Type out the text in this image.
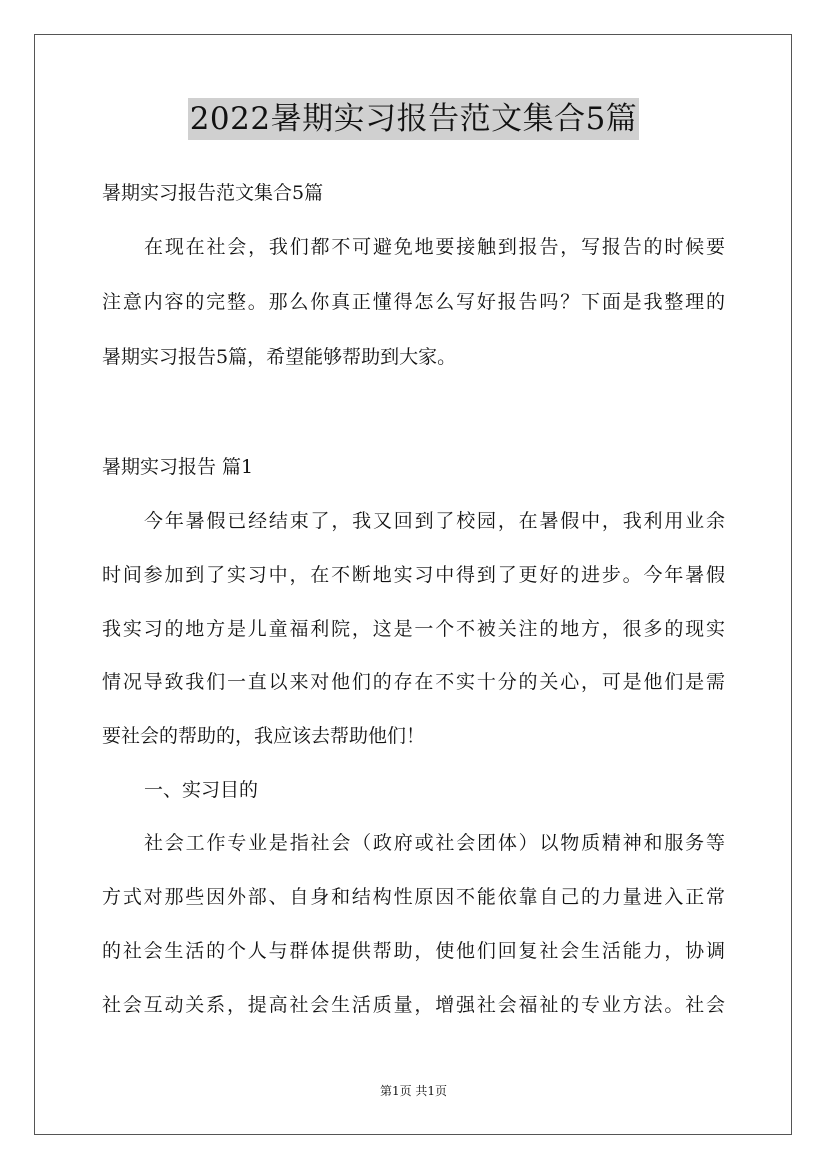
2022暑期实习报告范文集合5篇
暑期实习报告范文集合5篇
在现在社会，我们都不可避免地要接触到报告，写报告的时候要
注意内容的完整。那么你真正懂得怎么写好报告吗？下面是我整理的
暑期实习报告5篇，希望能够帮助到大家。
暑期实习报告 篇1
今年暑假已经结束了，我又回到了校园，在暑假中，我利用业余
时间参加到了实习中，在不断地实习中得到了更好的进步。今年暑假
我实习的地方是儿童福利院，这是一个不被关注的地方，很多的现实
情况导致我们一直以来对他们的存在不实十分的关心，可是他们是需
要社会的帮助的，我应该去帮助他们！
一、实习目的
社会工作专业是指社会（政府或社会团体）以物质精神和服务等
方式对那些因外部、自身和结构性原因不能依靠自己的力量进入正常
的社会生活的个人与群体提供帮助，使他们回复社会生活能力，协调
社会互动关系，提高社会生活质量，增强社会福祉的专业方法。社会
第1页 共1页
